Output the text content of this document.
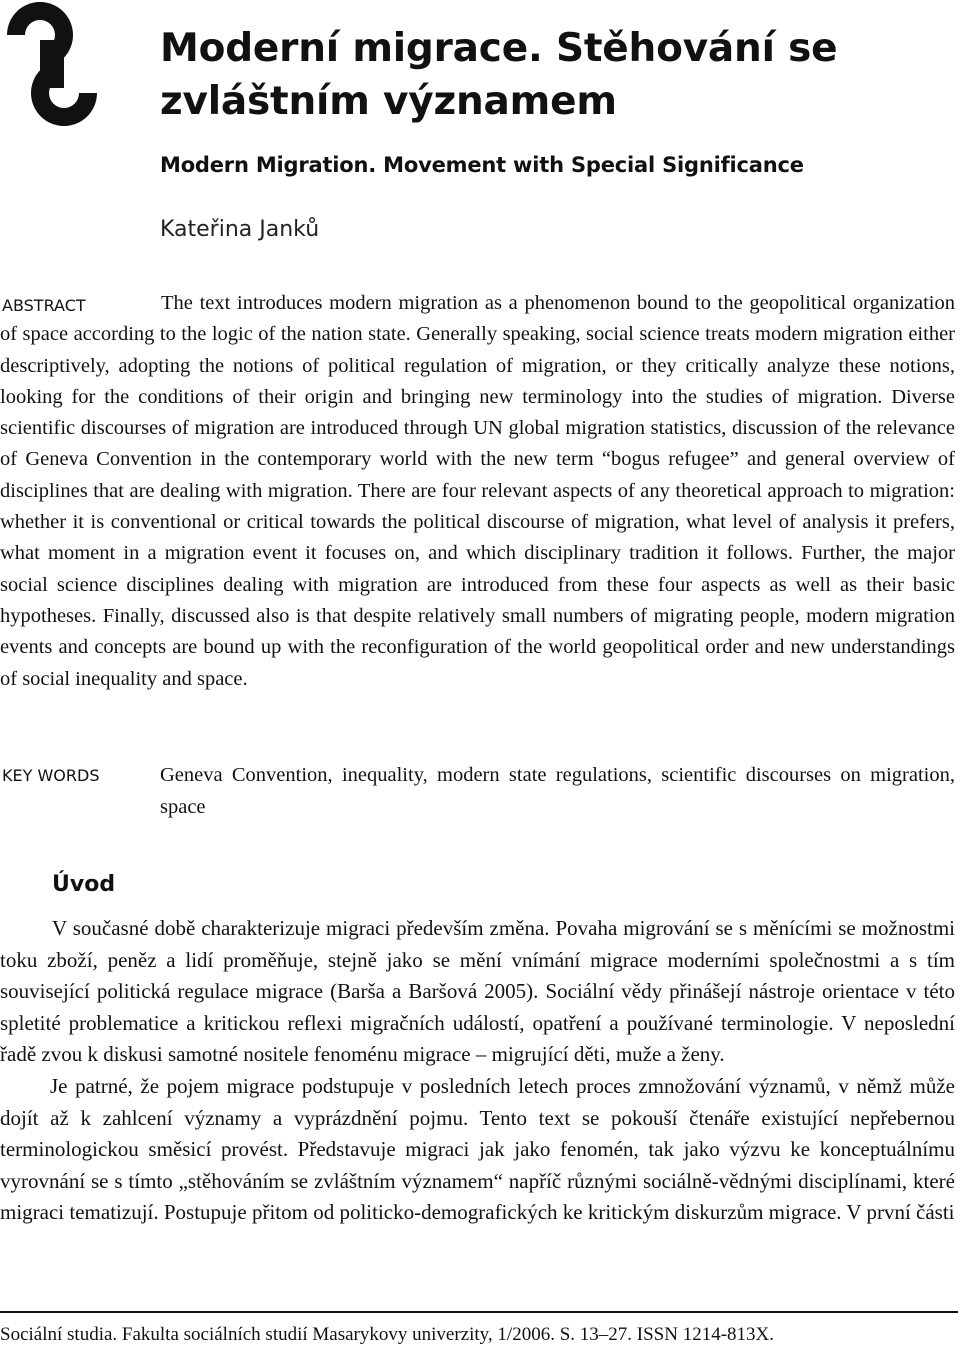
Moderní migrace. Stěhování se zvláštním významem
Modern Migration. Movement with Special Significance
Kateřina Janků
ABSTRACT	The text introduces modern migration as a phenomenon bound to the geopolitical organization of space according to the logic of the nation state. Generally speaking, social science treats modern migration either descriptively, adopting the notions of political regulation of migration, or they critically analyze these notions, looking for the conditions of their origin and bringing new terminology into the studies of migration. Diverse scientific discourses of migration are introduced through UN global migration statistics, discussion of the relevance of Geneva Convention in the contemporary world with the new term “bogus refugee” and general overview of disciplines that are dealing with migration. There are four relevant aspects of any theoretical approach to migration: whether it is conventional or critical towards the political discourse of migration, what level of analysis it prefers, what moment in a migration event it focuses on, and which disciplinary tradition it follows. Further, the major social science disciplines dealing with migration are introduced from these four aspects as well as their basic hypotheses. Finally, discussed also is that despite relatively small numbers of migrating people, modern migration events and concepts are bound up with the reconfiguration of the world geopolitical order and new understandings of social inequality and space.

KEY WORDS	Geneva Convention, inequality, modern state regulations, scientific discourses on migration, space

Úvod

V současné době charakterizuje migraci především změna. Povaha migrování se s měnícími se možnostmi toku zboží, peněz a lidí proměňuje, stejně jako se mění vnímání migrace moderními společnostmi a s tím související politická regulace migrace (Barša a Baršová 2005). Sociální vědy přinášejí nástroje orientace v této spletité problematice a kritickou reflexi migračních událostí, opatření a používané terminologie. V neposlední řadě zvou k diskusi samotné nositele fenoménu migrace – migrující děti, muže a ženy.

Je patrné, že pojem migrace podstupuje v posledních letech proces zmnožování významů, v němž může dojít až k zahlcení významy a vyprázdnění pojmu. Tento text se pokouší čtenáře existující nepřebernou terminologickou směsicí provést. Představuje migraci jak jako fenomén, tak jako výzvu ke konceptuálnímu vyrovnání se s tímto „stěhováním se zvláštním významem“ napříč různými sociálně-vědnými disciplínami, které migraci tematizují. Postupuje přitom od politicko-demografických ke kritickým diskurzům migrace. V první části

Sociální studia. Fakulta sociálních studií Masarykovy univerzity, 1/2006. S. 13–27. ISSN 1214-813X.
